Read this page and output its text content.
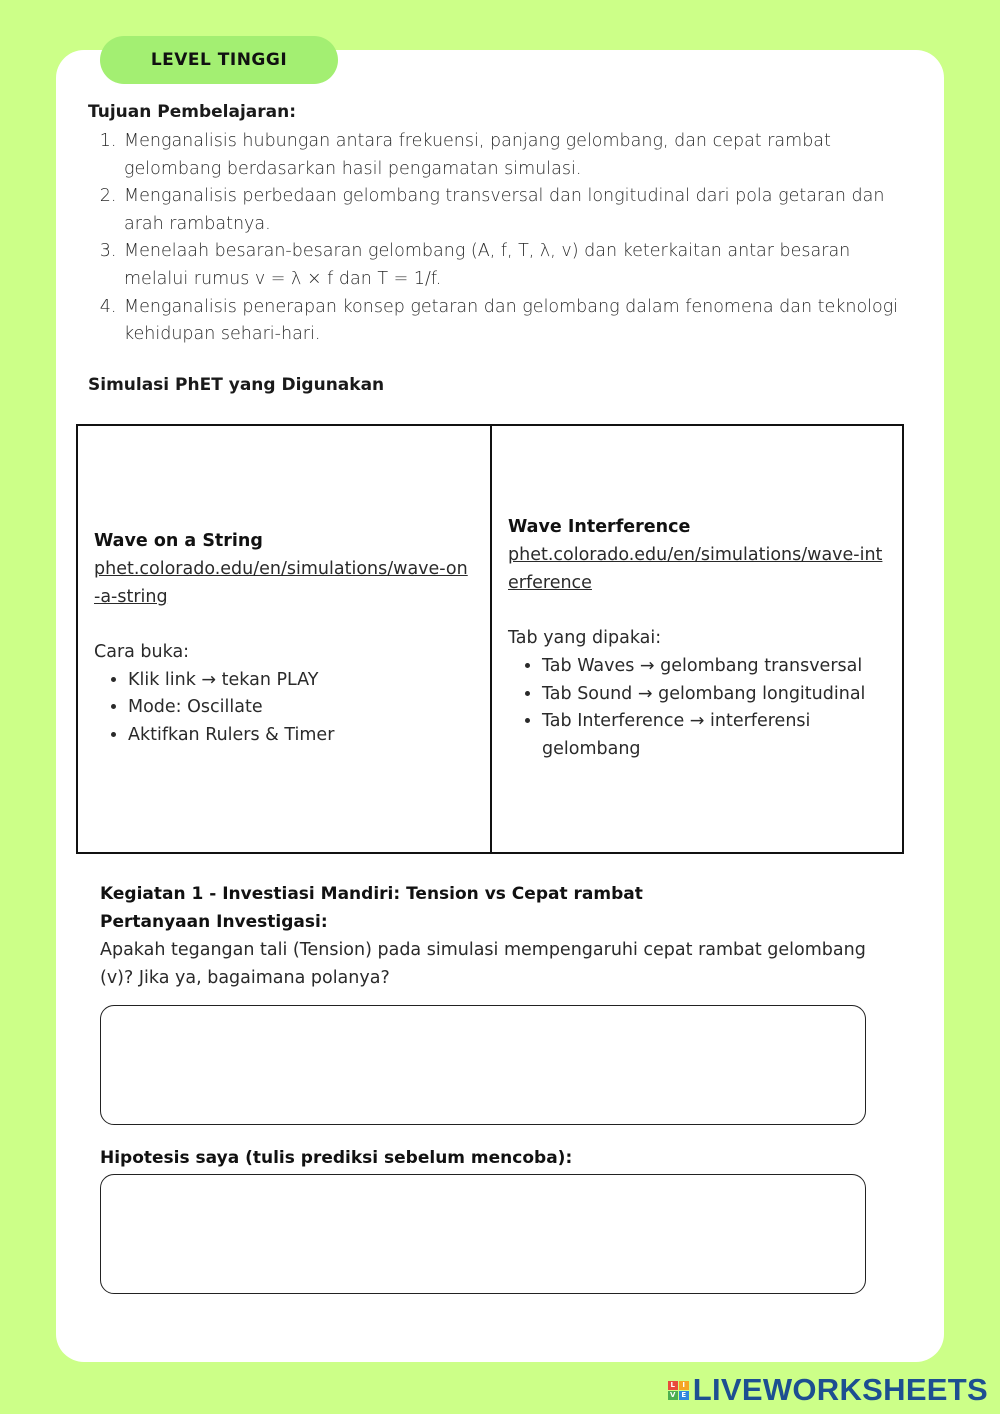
LEVEL TINGGI

Tujuan Pembelajaran:

1. Menganalisis hubungan antara frekuensi, panjang gelombang, dan cepat rambat gelombang berdasarkan hasil pengamatan simulasi.
2. Menganalisis perbedaan gelombang transversal dan longitudinal dari pola getaran dan arah rambatnya.
3. Menelaah besaran-besaran gelombang (A, f, T, λ, v) dan keterkaitan antar besaran melalui rumus v = λ × f dan T = 1/f.
4. Menganalisis penerapan konsep getaran dan gelombang dalam fenomena dan teknologi kehidupan sehari-hari.
Simulasi PhET yang Digunakan
Wave on a String
phet.colorado.edu/en/simulations/wave-on-a-string
Cara buka:
• Klik link → tekan PLAY
• Mode: Oscillate
• Aktifkan Rulers & Timer
Wave Interference
phet.colorado.edu/en/simulations/wave-interference
Tab yang dipakai:
• Tab Waves → gelombang transversal
• Tab Sound → gelombang longitudinal
• Tab Interference → interferensi gelombang
Kegiatan 1 - Investiasi Mandiri: Tension vs Cepat rambat
Pertanyaan Investigasi:
Apakah tegangan tali (Tension) pada simulasi mempengaruhi cepat rambat gelombang (v)? Jika ya, bagaimana polanya?
Hipotesis saya (tulis prediksi sebelum mencoba):
L	I
V E LIVEWORKSHEETS
